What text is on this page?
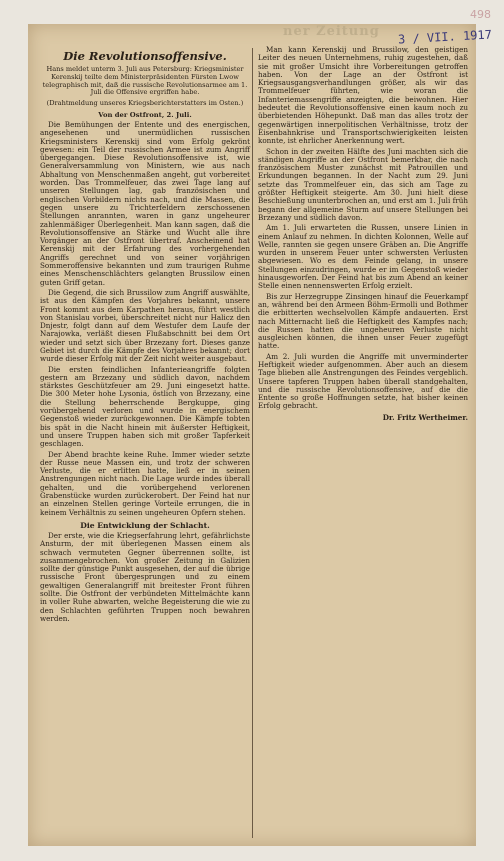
ner Zeitung	3 / VII. 1917
Die Revolutionsoffensive.
Hans meldet unterm 3. Juli aus Petersburg: Kriegsminister Kerenskij teilte dem Ministerpräsidenten Fürsten Lwow telegraphisch mit, daß die russische Revolutionsarmee am 1. Juli die Offensive ergriffen habe.
(Drahtmeldung unseres Kriegsberichterstatters im Osten.)
Von der Ostfront, 2. Juli.

Die Bemühungen der Entente und des energischen, angesehenen und unermüdlichen russischen Kriegsministers Kerenskij sind vom Erfolg gekrönt gewesen: ein Teil der russischen Armee ist zum Angriff übergegangen. Diese Revolutionsoffensive ist, wie Generalversammlung von Ministern, wie aus nach Abhaltung von Menschenmaßen angeht, gut vorbereitet worden. Das Trommelfeuer, das zwei Tage lang auf unseren Stellungen lag, gab französischen und englischen Vorbildern nichts nach, und die Massen, die gegen unsere zu Trichterfeldern zerschossenen Stellungen anrannten, waren in ganz ungeheurer zahlenmäßiger Überlegenheit. Man kann sagen, daß die Revolutionsoffensive an Stärke und Wucht alle ihre Vorgänger an der Ostfront übertraf. Anscheinend hat Kerenskij mit der Erfahrung des vorhergehenden Angriffs gerechnet und von seiner vorjährigen Sommeroffensive bekannten und zum traurigen Ruhme eines Menschenschlächters gelangten Brussilow einen guten Griff getan.

Die Gegend, die sich Brussilow zum Angriff auswählte, ist aus den Kämpfen des Vorjahres bekannt, unsere Front kommt aus dem Karpathen heraus, führt westlich von Stanislau vorbei, überschreitet nicht nur Halicz den Dnjestr, folgt dann auf dem Westufer dem Laufe der Narajowka, verläßt diesen Flußabschnitt bei dem Ort wieder und setzt sich über Brzezany fort. Dieses ganze Gebiet ist durch die Kämpfe des Vorjahres bekannt; dort wurde dieser Erfolg mit der Zeit nicht weiter ausgebaut.

Die ersten feindlichen Infanterieangriffe folgten gestern am Brzezany und südlich davon, nachdem stärkstes Geschützfeuer am 29. Juni eingesetzt hatte. Die 300 Meter hohe Lysonia, östlich von Brzezany, eine die Stellung beherrschende Bergkuppe, ging vorübergehend verloren und wurde in energischem Gegenstoß wieder zurückgewonnen. Die Kämpfe tobten bis spät in die Nacht hinein mit äußerster Heftigkeit, und unsere Truppen haben sich mit großer Tapferkeit geschlagen.

Der Abend brachte keine Ruhe. Immer wieder setzte der Russe neue Massen ein, und trotz der schweren Verluste, die er erlitten hatte, ließ er in seinen Anstrengungen nicht nach. Die Lage wurde indes überall gehalten, und die vorübergehend verlorenen Grabenstücke wurden zurückerobert. Der Feind hat nur an einzelnen Stellen geringe Vorteile errungen, die in keinem Verhältnis zu seinen ungeheuren Opfern stehen.

Die Entwicklung der Schlacht.

Der erste, wie die Kriegserfahrung lehrt, gefährlichste Ansturm, der mit überlegenen Massen einem als schwach vermuteten Gegner überrennen sollte, ist zusammengebrochen. Von großer Zeitung in Galizien sollte der günstige Punkt ausgesehen, der auf die übrige russische Front übergesprungen und zu einem gewaltigen Generalangriff mit breitester Front führen sollte. Die Ostfront der verbündeten Mittelmächte kann in voller Ruhe abwarten, welche Begeisterung die wie zu den Schlachten geführten Truppen noch bewahren werden.

Man kann Kerenskij und Brussilow, den geistigen Leiter des neuen Unternehmens, ruhig zugestehen, daß sie mit großer Umsicht ihre Vorbereitungen getroffen haben. Von der Lage an der Ostfront ist Kriegsausgangsverhandlungen größer, als wir das Trommelfeuer führten, wie woran die Infanteriemassengriffe anzeigten, die beiwohnen. Hier bedeutet die Revolutionsoffensive einen kaum noch zu überbietenden Höhepunkt. Daß man das alles trotz der gegenwärtigen innerpolitischen Verhältnisse, trotz der Eisenbahnkrise und Transportschwierigkeiten leisten konnte, ist ehrlicher Anerkennung wert.

Schon in der zweiten Hälfte des Juni machten sich die ständigen Angriffe an der Ostfront bemerkbar, die nach französischem Muster zunächst mit Patrouillen und Erkundungen begannen. In der Nacht zum 29. Juni setzte das Trommelfeuer ein, das sich am Tage zu größter Heftigkeit steigerte. Am 30. Juni hielt diese Beschießung ununterbrochen an, und erst am 1. Juli früh begann der allgemeine Sturm auf unsere Stellungen bei Brzezany und südlich davon.

Am 1. Juli erwarteten die Russen, unsere Linien in einem Anlauf zu nehmen. In dichten Kolonnen, Welle auf Welle, rannten sie gegen unsere Gräben an. Die Angriffe wurden in unserem Feuer unter schwersten Verlusten abgewiesen. Wo es dem Feinde gelang, in unsere Stellungen einzudringen, wurde er im Gegenstoß wieder hinausgeworfen. Der Feind hat bis zum Abend an keiner Stelle einen nennenswerten Erfolg erzielt.

Bis zur Herzegruppe Zinsingen hinauf die Feuerkampf an, während bei den Armeen Böhm-Ermolli und Bothmer die erbitterten wechselvollen Kämpfe andauerten. Erst nach Mitternacht ließ die Heftigkeit des Kampfes nach; die Russen hatten die ungeheuren Verluste nicht ausgleichen können, die ihnen unser Feuer zugefügt hatte.

Am 2. Juli wurden die Angriffe mit unverminderter Heftigkeit wieder aufgenommen. Aber auch an diesem Tage blieben alle Anstrengungen des Feindes vergeblich. Unsere tapferen Truppen haben überall standgehalten, und die russische Revolutionsoffensive, auf die die Entente so große Hoffnungen setzte, hat bisher keinen Erfolg gebracht.

Dr. Fritz Wertheimer.
498
